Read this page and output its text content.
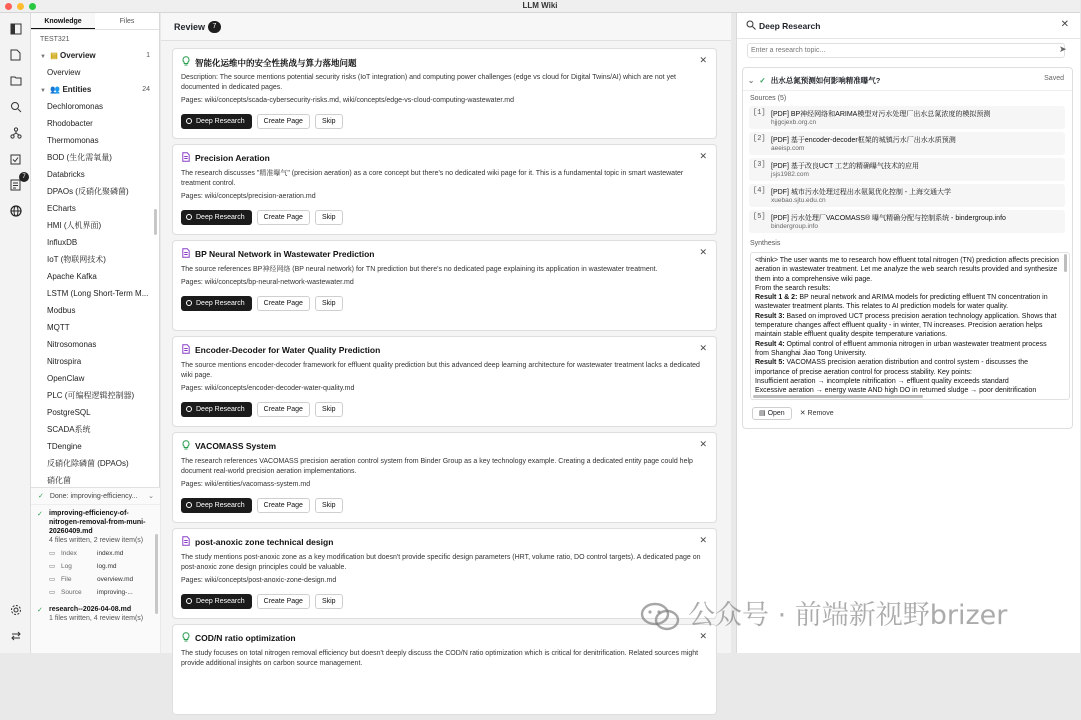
LLM Wiki
7
Knowledge	Files
TEST321
▼ ▤ Overview	1
Overview
▼ 👥 Entities	24
Dechloromonas
Rhodobacter
Thermomonas
BOD (生化需氧量)
Databricks
DPAOs (反硝化聚磷菌)
ECharts
HMI (人机界面)
InfluxDB
IoT (物联网技术)
Apache Kafka
LSTM (Long Short-Term M...
Modbus
MQTT
Nitrosomonas
Nitrospira
OpenClaw
PLC (可编程逻辑控制器)
PostgreSQL
SCADA系统
TDengine
反硝化除磷菌 (DPAOs)
硝化菌
✓ Done: improving-efficiency... ⌄
✓ improving-efficiency-of-nitrogen-removal-from-muni-20260409.md
4 files written, 2 review item(s)
▭ Index	index.md
▭ Log	log.md
▭ File	overview.md
▭ Source	improving-...
✓ research--2026-04-08.md
1 files written, 4 review item(s)
Review	7
智能化运维中的安全性挑战与算力落地问题	✕
Description: The source mentions potential security risks (IoT integration) and computing power challenges (edge vs cloud for Digital Twins/AI) which are not yet documented in dedicated pages.
Pages: wiki/concepts/scada-cybersecurity-risks.md, wiki/concepts/edge-vs-cloud-computing-wastewater.md
Deep Research	Create Page	Skip
Precision Aeration	✕
The research discusses "精准曝气" (precision aeration) as a core concept but there's no dedicated wiki page for it. This is a fundamental topic in smart wastewater treatment control.
Pages: wiki/concepts/precision-aeration.md
Deep Research	Create Page	Skip
BP Neural Network in Wastewater Prediction	✕
The source references BP神经网络 (BP neural network) for TN prediction but there's no dedicated page explaining its application in wastewater treatment.
Pages: wiki/concepts/bp-neural-network-wastewater.md
Deep Research	Create Page	Skip
Encoder-Decoder for Water Quality Prediction	✕
The source mentions encoder-decoder framework for effluent quality prediction but this advanced deep learning architecture for wastewater treatment lacks a dedicated wiki page.
Pages: wiki/concepts/encoder-decoder-water-quality.md
Deep Research	Create Page	Skip
VACOMASS System	✕
The research references VACOMASS precision aeration control system from Binder Group as a key technology example. Creating a dedicated entity page could help document real-world precision aeration implementations.
Pages: wiki/entities/vacomass-system.md
Deep Research	Create Page	Skip
post-anoxic zone technical design	✕
The study mentions post-anoxic zone as a key modification but doesn't provide specific design parameters (HRT, volume ratio, DO control targets). A dedicated page on post-anoxic zone design principles could be valuable.
Pages: wiki/concepts/post-anoxic-zone-design.md
Deep Research	Create Page	Skip
COD/N ratio optimization	✕
The study focuses on total nitrogen removal efficiency but doesn't deeply discuss the COD/N ratio optimization which is critical for denitrification. Related sources might provide additional insights on carbon source management.
Deep Research	✕
Enter a research topic...	➤
⌄ ✓ 出水总氮预测如何影响精准曝气?	Saved
Sources (5)
[1] [PDF] BP神经网络和ARIMA模型对污水处理厂出水总氮浓度的模拟预测
hjjgcjexb.org.cn
[2] [PDF] 基于encoder-decoder框架的城镇污水厂出水水质预测
aeeisp.com
[3] [PDF] 基于改良UCT 工艺的精确曝气技术的应用
jsjs1982.com
[4] [PDF] 城市污水处理过程出水氨氮优化控制 - 上海交通大学
xuebao.sjtu.edu.cn
[5] [PDF] 污水处理厂VACOMASS® 曝气精确分配与控制系统 - bindergroup.info
bindergroup.info
Synthesis
<think> The user wants me to research how effluent total nitrogen (TN) prediction affects precision aeration in wastewater treatment. Let me analyze the web search results provided and synthesize them into a comprehensive wiki page.
From the search results:
Result 1 & 2: BP neural network and ARIMA models for predicting effluent TN concentration in wastewater treatment plants. This relates to AI prediction models for water quality.
Result 3: Based on improved UCT process precision aeration technology application. Shows that temperature changes affect effluent quality - in winter, TN increases. Precision aeration helps maintain stable effluent quality despite temperature variations.
Result 4: Optimal control of effluent ammonia nitrogen in urban wastewater treatment process from Shanghai Jiao Tong University.
Result 5: VACOMASS precision aeration distribution and control system - discusses the importance of precise aeration control for process stability. Key points:
Insufficient aeration → incomplete nitrification → effluent quality exceeds standard
Excessive aeration → energy waste AND high DO in returned sludge → poor denitrification
▤ Open	✕ Remove
公众号 · 前端新视野brizer
